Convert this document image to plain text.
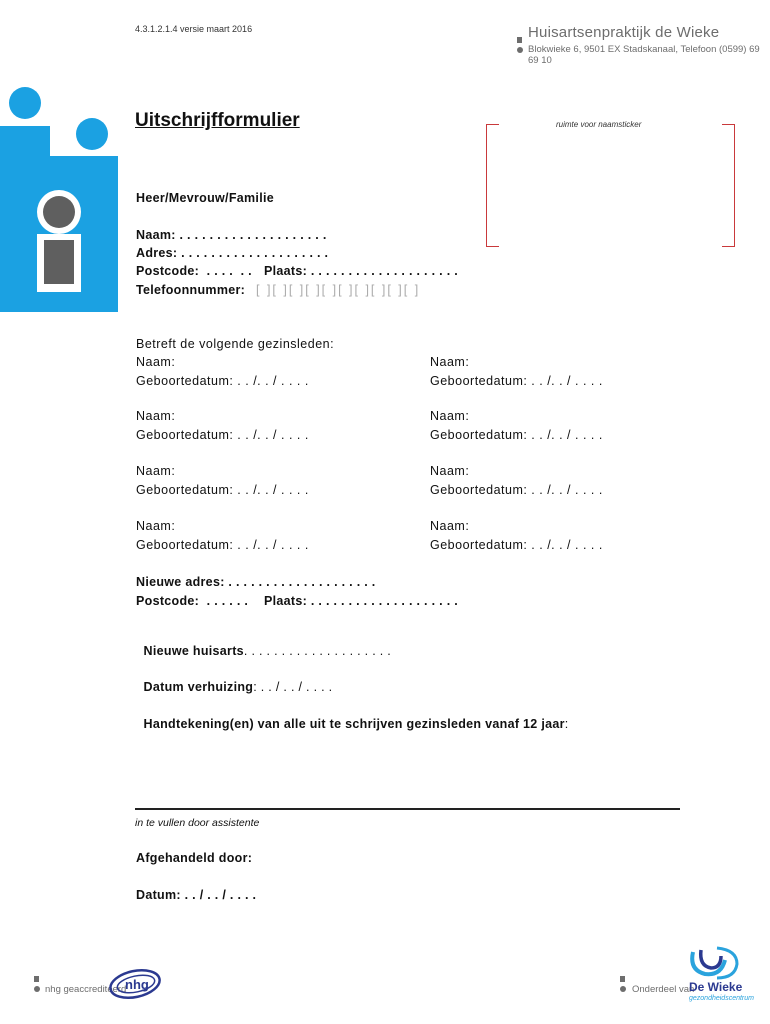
4.3.1.2.1.4 versie maart 2016	Huisartsenpraktijk de Wieke
Blokwieke 6, 9501 EX Stadskanaal, Telefoon (0599) 69 69 10
Uitschrijfformulier	ruimte voor naamsticker
Heer/Mevrouw/Familie
Naam: . . . . . . . . . . . . . . . . . . . .
Adres: . . . . . . . . . . . . . . . . . . . .
Postcode:  . . . .  . . Plaats: . . . . . . . . . . . . . . . . . . . .
Telefoonnummer: [ ][ ][ ][ ][ ][ ][ ][ ][ ][ ]
Betreft de volgende gezinsleden:
Naam:
Geboortedatum: . . /. . / . . . .
Naam:
Geboortedatum: . . /. . / . . . .
Naam:
Geboortedatum: . . /. . / . . . .
Naam:
Geboortedatum: . . /. . / . . . .
Naam:
Geboortedatum: . . /. . / . . . .
Naam:
Geboortedatum: . . /. . / . . . .
Naam:
Geboortedatum: . . /. . / . . . .
Naam:
Geboortedatum: . . /. . / . . . .
Nieuwe adres: . . . . . . . . . . . . . . . . . . . .
Postcode:  . . . . . . Plaats: . . . . . . . . . . . . . . . . . . . .

Nieuwe huisarts. . . . . . . . . . . . . . . . . . . .

Datum verhuizing: . . / . . / . . . .

Handtekening(en) van alle uit te schrijven gezinsleden vanaf 12 jaar:

in te vullen door assistente
Afgehandeld door:
Datum: . . / . . / . . . .
nhg geaccrediteerd
nhg	Onderdeel van
De Wieke
gezondheidscentrum
